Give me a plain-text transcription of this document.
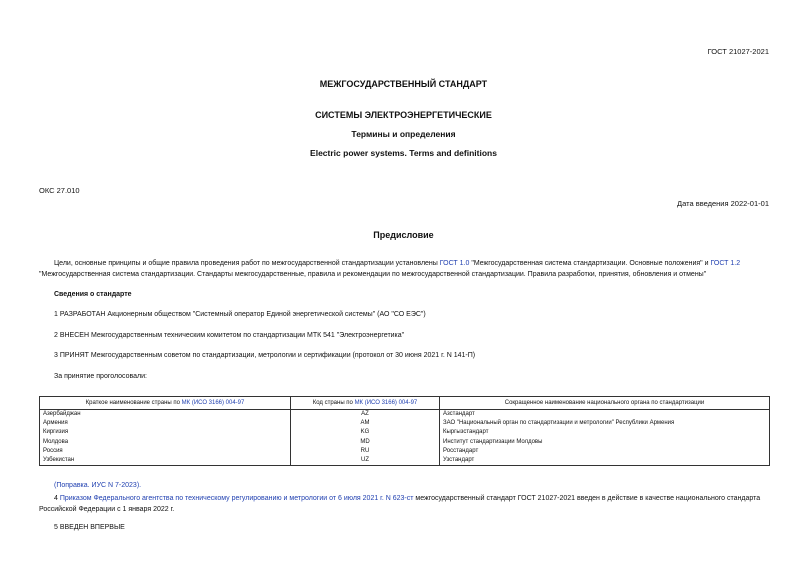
ГОСТ 21027-2021
МЕЖГОСУДАРСТВЕННЫЙ СТАНДАРТ
СИСТЕМЫ ЭЛЕКТРОЭНЕРГЕТИЧЕСКИЕ
Термины и определения
Electric power systems. Terms and definitions
ОКС 27.010
Дата введения 2022-01-01
Предисловие
Цели, основные принципы и общие правила проведения работ по межгосударственной стандартизации установлены ГОСТ 1.0 "Межгосударственная система стандартизации. Основные положения" и ГОСТ 1.2 "Межгосударственная система стандартизации. Стандарты межгосударственные, правила и рекомендации по межгосударственной стандартизации. Правила разработки, принятия, обновления и отмены"
Сведения о стандарте
1 РАЗРАБОТАН Акционерным обществом "Системный оператор Единой энергетической системы" (АО "СО ЕЭС")
2 ВНЕСЕН Межгосударственным техническим комитетом по стандартизации МТК 541 "Электроэнергетика"
3 ПРИНЯТ Межгосударственным советом по стандартизации, метрологии и сертификации (протокол от 30 июня 2021 г. N 141-П)
За принятие проголосовали:
Краткое наименование страны по МК (ИСО 3166) 004-97	Код страны по МК (ИСО 3166) 004-97	Сокращенное наименование национального органа по стандартизации
Азербайджан	AZ	Азстандарт
Армения	AM	ЗАО "Национальный орган по стандартизации и метрологии" Республики Армения
Киргизия	KG	Кыргызстандарт
Молдова	MD	Институт стандартизации Молдовы
Россия	RU	Росстандарт
Узбекистан	UZ	Узстандарт
(Поправка. ИУС N 7-2023).
4 Приказом Федерального агентства по техническому регулированию и метрологии от 6 июля 2021 г. N 623-ст межгосударственный стандарт ГОСТ 21027-2021 введен в действие в качестве национального стандарта Российской Федерации с 1 января 2022 г.
5 ВВЕДЕН ВПЕРВЫЕ
